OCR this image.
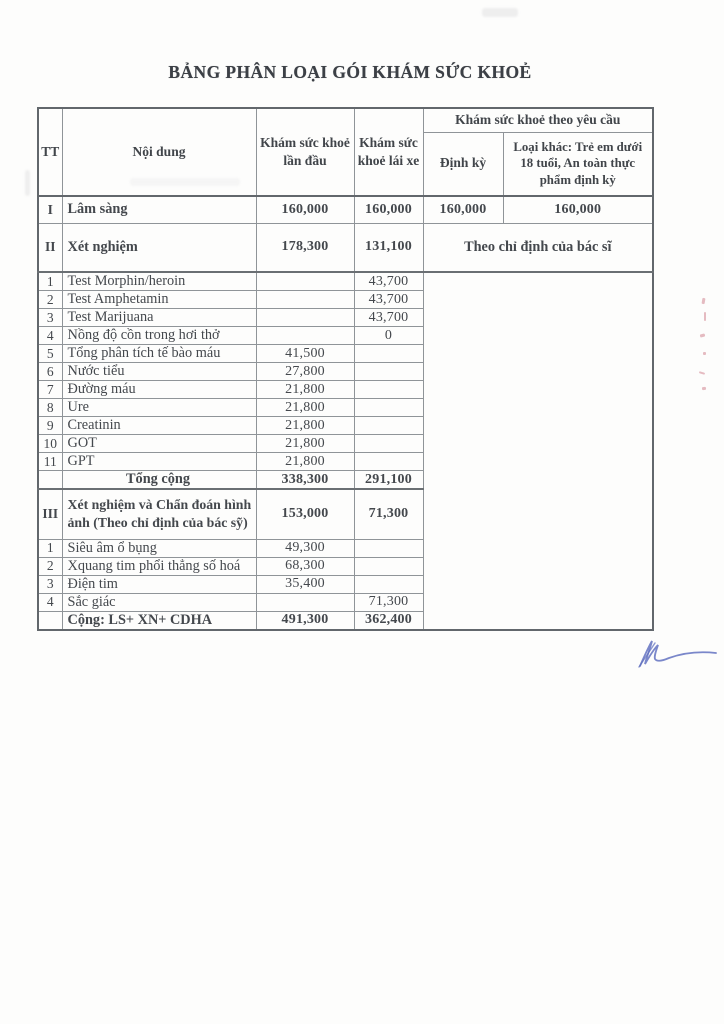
BẢNG PHÂN LOẠI GÓI KHÁM SỨC KHOẺ
TT	Nội dung	Khám sức khoẻ lần đầu	Khám sức khoẻ lái xe	Khám sức khoẻ theo yêu cầu	
				Định kỳ	Loại khác: Trẻ em dưới 18 tuổi, An toàn thực phẩm định kỳ
I	Lâm sàng	160,000	160,000	160,000	160,000
II	Xét nghiệm	178,300	131,100	Theo chỉ định của bác sĩ	
1	Test Morphin/heroin		43,700		
2	Test Amphetamin		43,700		
3	Test Marijuana		43,700		
4	Nồng độ cồn trong hơi thở		0		
5	Tổng phân tích tế bào máu	41,500			
6	Nước tiểu	27,800			
7	Đường máu	21,800			
8	Ure	21,800			
9	Creatinin	21,800			
10	GOT	21,800			
11	GPT	21,800			
	Tổng cộng	338,300	291,100		
III	Xét nghiệm và Chẩn đoán hình ảnh (Theo chỉ định của bác sỹ)	153,000	71,300		
1	Siêu âm ổ bụng	49,300			
2	Xquang tim phổi thẳng số hoá	68,300			
3	Điện tim	35,400			
4	Sắc giác		71,300		
	Cộng: LS+ XN+ CDHA	491,300	362,400		
